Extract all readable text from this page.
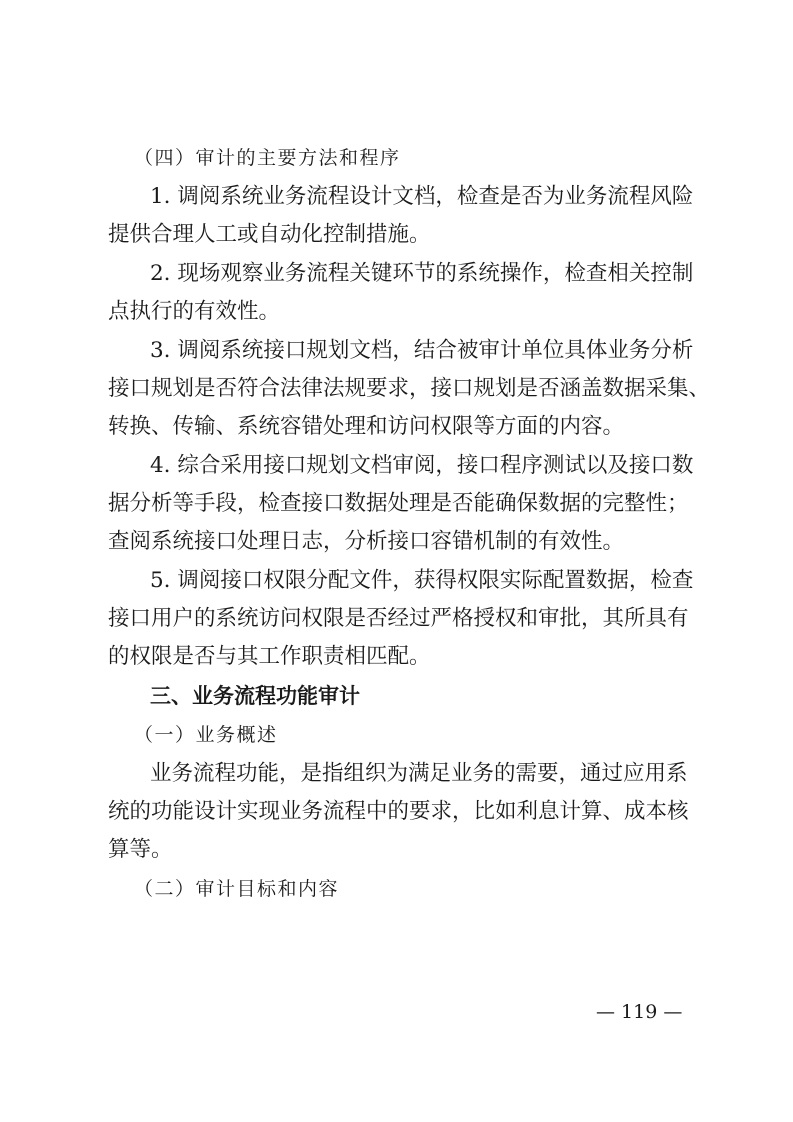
（四）审计的主要方法和程序
1. 调阅系统业务流程设计文档，检查是否为业务流程风险
提供合理人工或自动化控制措施。
2. 现场观察业务流程关键环节的系统操作，检查相关控制
点执行的有效性。
3. 调阅系统接口规划文档，结合被审计单位具体业务分析
接口规划是否符合法律法规要求，接口规划是否涵盖数据采集、
转换、传输、系统容错处理和访问权限等方面的内容。
4. 综合采用接口规划文档审阅，接口程序测试以及接口数
据分析等手段，检查接口数据处理是否能确保数据的完整性；
查阅系统接口处理日志，分析接口容错机制的有效性。
5. 调阅接口权限分配文件，获得权限实际配置数据，检查
接口用户的系统访问权限是否经过严格授权和审批，其所具有
的权限是否与其工作职责相匹配。
三、业务流程功能审计
（一）业务概述
业务流程功能，是指组织为满足业务的需要，通过应用系
统的功能设计实现业务流程中的要求，比如利息计算、成本核
算等。
（二）审计目标和内容
— 119 —
